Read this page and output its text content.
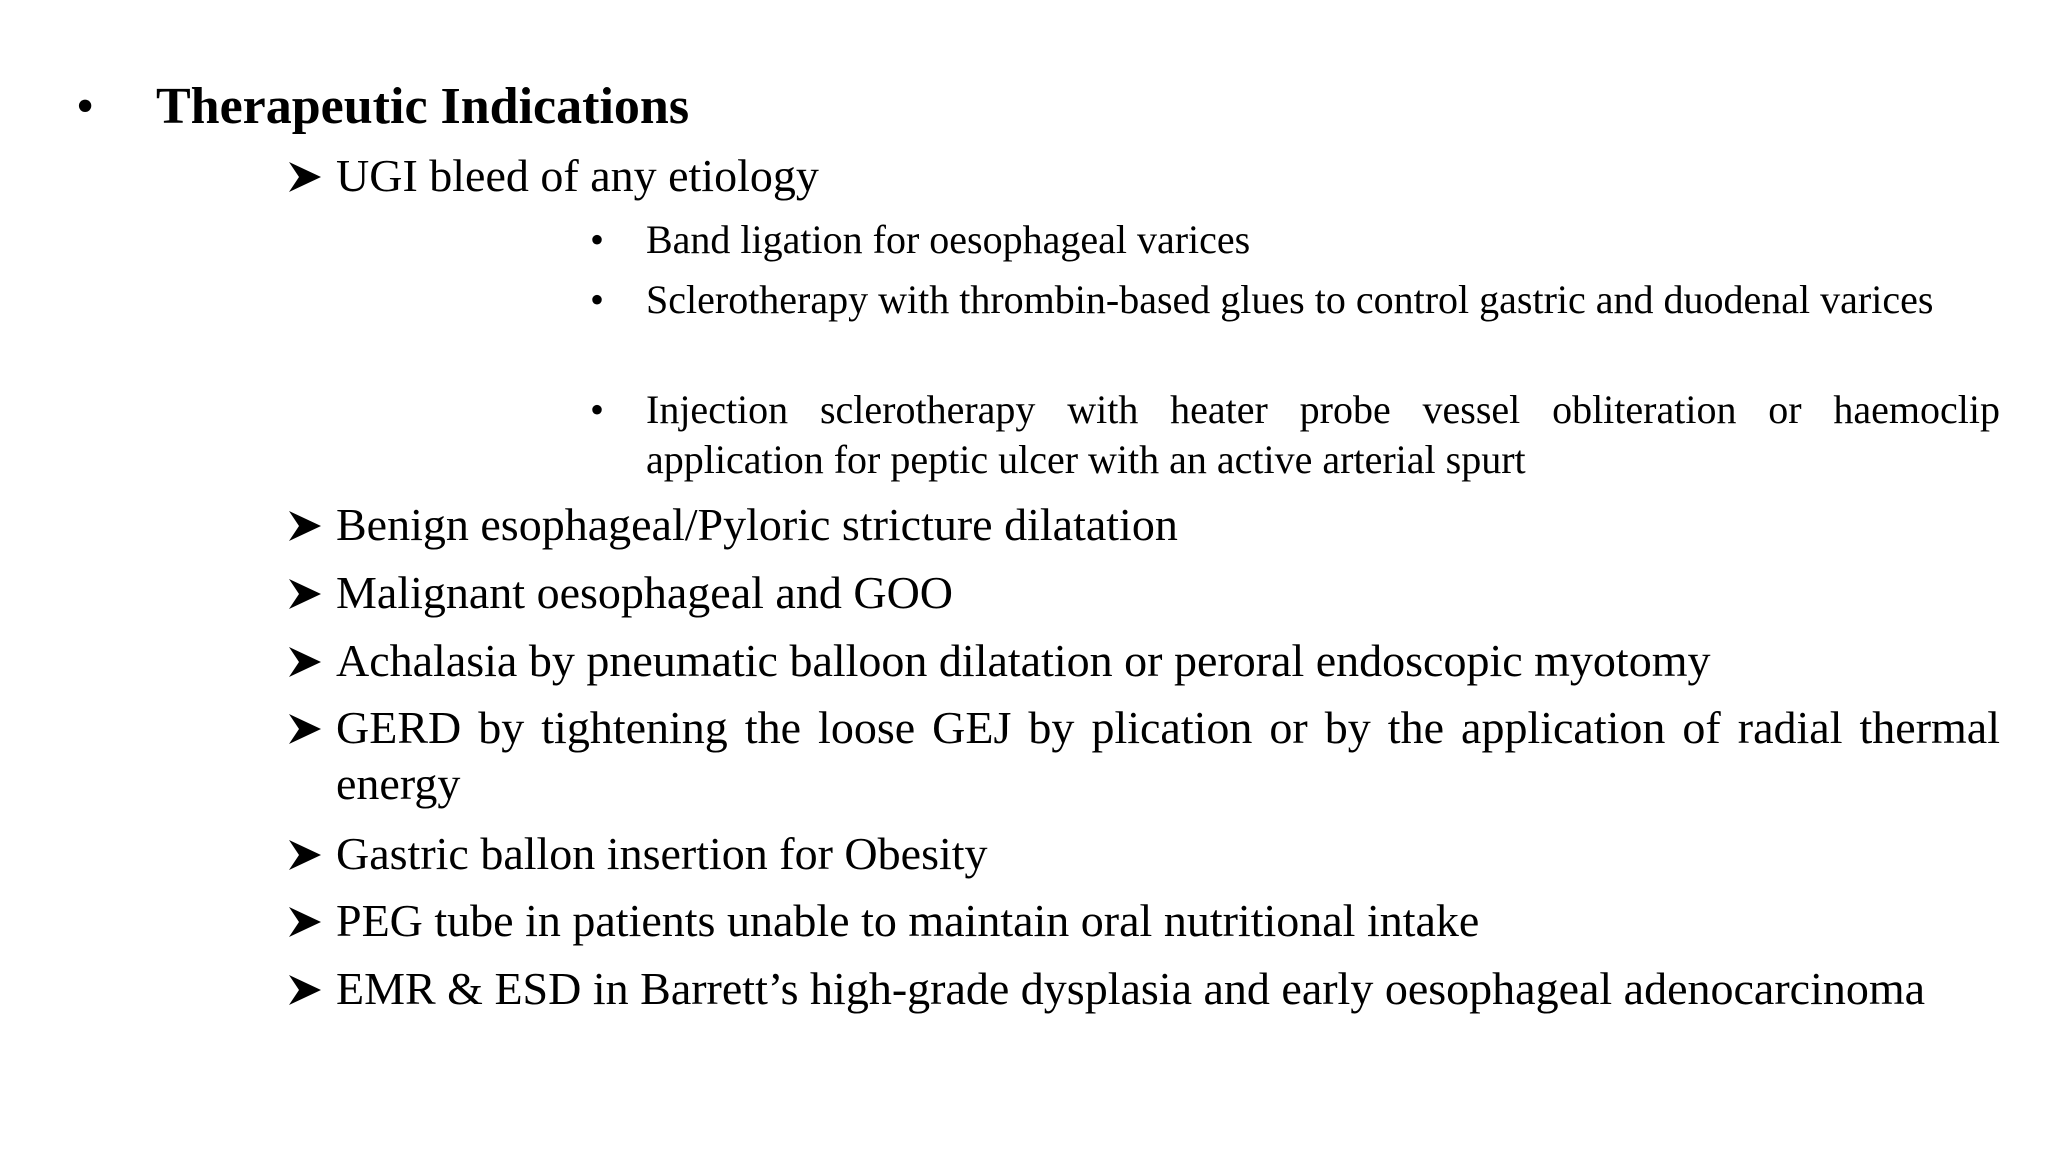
• Therapeutic Indications
UGI bleed of any etiology
• Band ligation for oesophageal varices
• Sclerotherapy with thrombin-based glues to control gastric and duodenal varices
• Injection sclerotherapy with heater probe vessel obliteration or haemoclip application for peptic ulcer with an active arterial spurt
Benign esophageal/Pyloric stricture dilatation
Malignant oesophageal and GOO
Achalasia by pneumatic balloon dilatation or peroral endoscopic myotomy
GERD by tightening the loose GEJ by plication or by the application of radial thermal energy
Gastric ballon insertion for Obesity
PEG tube in patients unable to maintain oral nutritional intake
EMR & ESD in Barrett’s high-grade dysplasia and early oesophageal adenocarcinoma
